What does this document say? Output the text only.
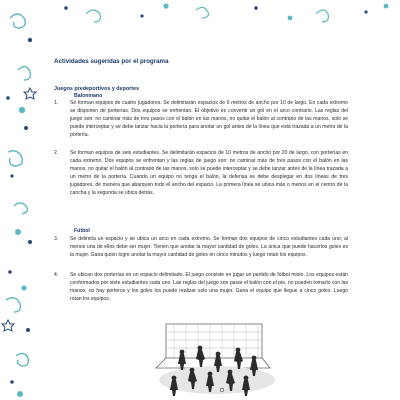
Actividades sugeridas por el programa
Juegos predeportivos y deportes
Balonmano
1. Se forman equipos de cuatro jugadores. Se delimitarán espacios de 6 metros de ancho por 10 de largo. En cada extremo se disponen de porterías. Dos equipos se enfrentan. El objetivo es convertir un gol en el arco contrario. Las reglas del juego son: no caminar más de tres pasos con el balón en las manos, no quitar el balón al contrario de las manos, solo se puede interceptar y se debe lanzar hacia la portería para anotar un gol antes de la línea que está trazada a un metro de la portería.
2. Se forman equipos de seis estudiantes. Se delimitarán espacios de 10 metros de ancho por 20 de largo, con porterías en cada extremo. Dos equipos se enfrentan y las reglas de juego son: no caminar más de tres pasos con el balón en las manos, no quitar el balón al contrario de las manos, solo se puede interceptar y se debe lanzar antes de la línea trazada a un metro de la portería. Cuando un equipo no tenga el balón, la defensa se debe desplegar en dos líneas de tres jugadores, de manera que abarquen todo el ancho del espacio. La primera línea se ubica más o menos en el centro de la cancha y la segunda se ubica detrás.
Fútbol
3. Se delimita un espacio y se ubica un arco en cada extremo. Se forman dos equipos de cinco estudiantes cada uno; al menos una de ellos debe ser mujer. Tienen que anotar la mayor cantidad de goles. La única que puede hacerlos goles es la mujer. Gana quien logre anotar la mayor cantidad de goles en cinco minutos y luego rotan los equipos.
4. Se ubican dos porterías en un espacio delimitado. El juego consiste en jugar un partido de fútbol mixto. Los equipos están conformados por siete estudiantes cada uno. Las reglas del juego son pasar el balón con el pie, no pueden tomarlo con las manos, no hay porteros y los goles los puede realizar solo una mujer. Gana el equipo que llegue a cinco goles. Luego rotan los equipos.
